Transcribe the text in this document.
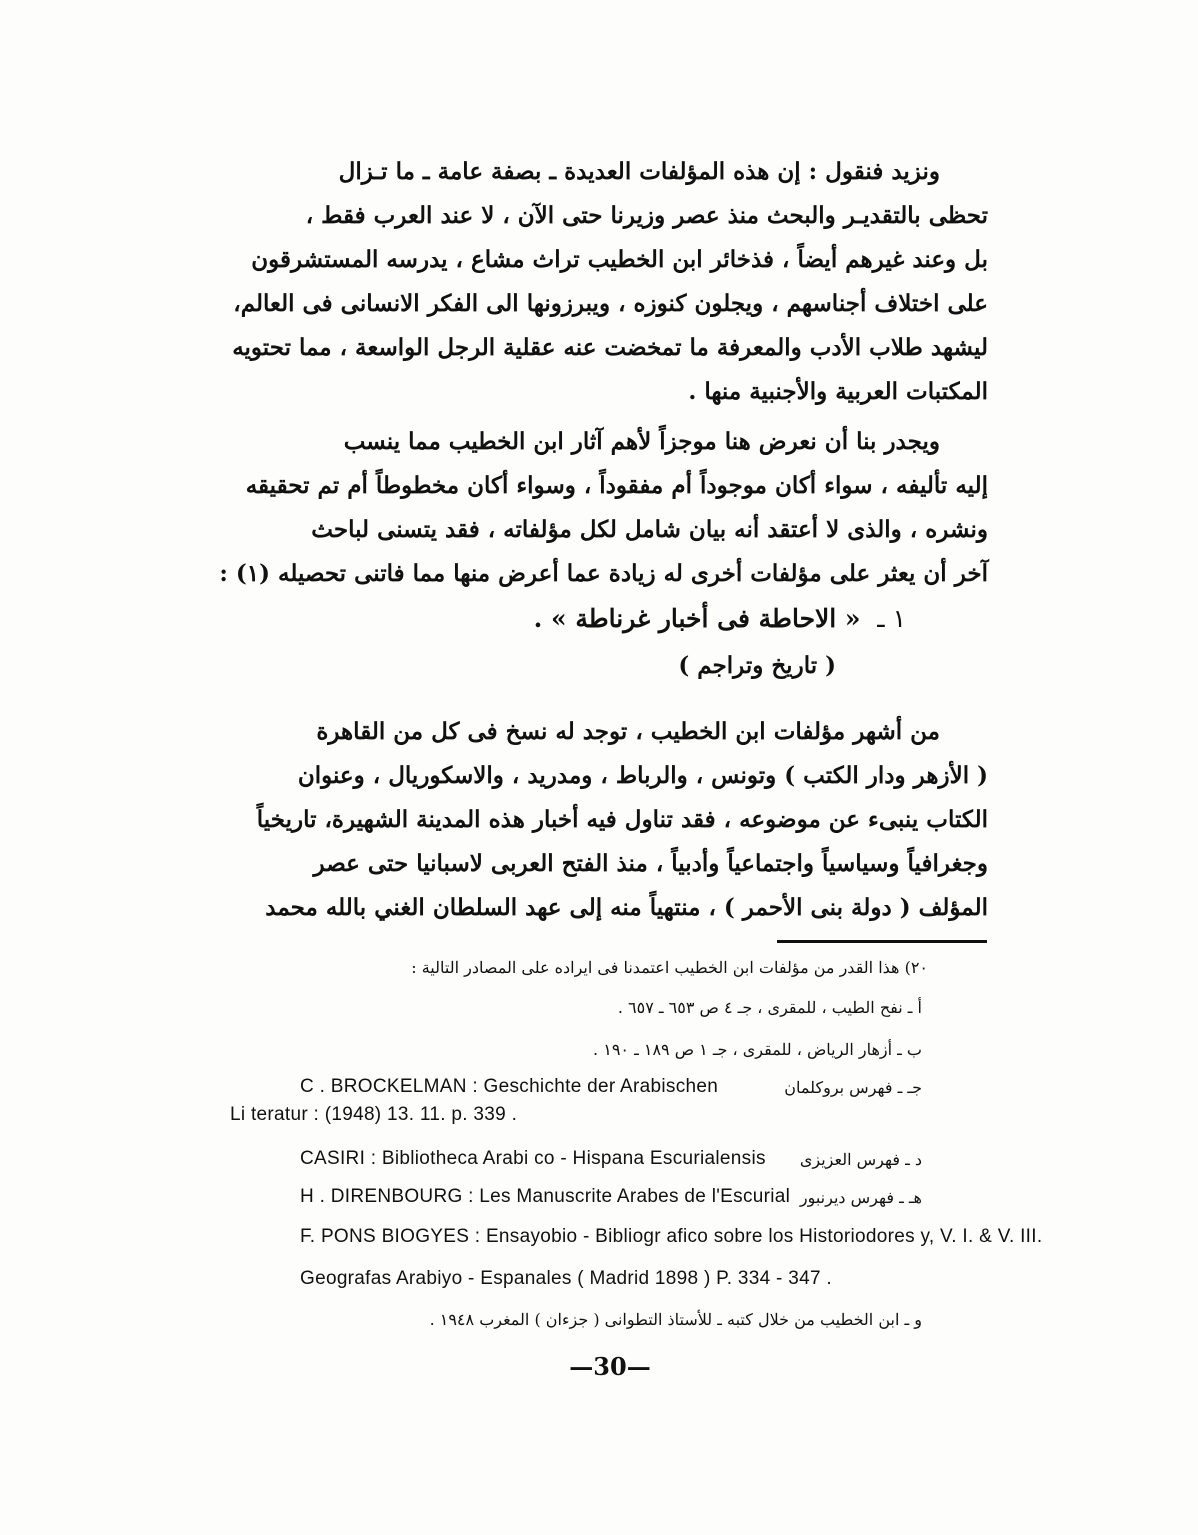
ونزيد فنقول : إن هذه المؤلفات العديدة ـ بصفة عامة ـ ما تـزال
تحظى بالتقديـر والبحث منذ عصر وزيرنا حتى الآن ، لا عند العرب فقط ،
بل وعند غيرهم أيضاً ، فذخائر ابن الخطيب تراث مشاع ، يدرسه المستشرقون
على اختلاف أجناسهم ، ويجلون كنوزه ، ويبرزونها الى الفكر الانسانى فى العالم،
ليشهد طلاب الأدب والمعرفة ما تمخضت عنه عقلية الرجل الواسعة ، مما تحتويه
المكتبات العربية والأجنبية منها .
ويجدر بنا أن نعرض هنا موجزاً لأهم آثار ابن الخطيب مما ينسب
إليه تأليفه ، سواء أكان موجوداً أم مفقوداً ، وسواء أكان مخطوطاً أم تم تحقيقه
ونشره ، والذى لا أعتقد أنه بيان شامل لكل مؤلفاته ، فقد يتسنى لباحث
آخر أن يعثر على مؤلفات أخرى له زيادة عما أعرض منها مما فاتنى تحصيله (١) :
١ ـ « الاحاطة فى أخبار غرناطة » .
( تاريخ وتراجم )
من أشهر مؤلفات ابن الخطيب ، توجد له نسخ فى كل من القاهرة
( الأزهر ودار الكتب ) وتونس ، والرباط ، ومدريد ، والاسكوريال ، وعنوان
الكتاب ينبىء عن موضوعه ، فقد تناول فيه أخبار هذه المدينة الشهيرة، تاريخياً
وجغرافياً وسياسياً واجتماعياً وأدبياً ، منذ الفتح العربى لاسبانيا حتى عصر
المؤلف ( دولة بنى الأحمر ) ، منتهياً منه إلى عهد السلطان الغني بالله محمد
٢٠) هذا القدر من مؤلفات ابن الخطيب اعتمدنا فى ايراده على المصادر التالية :
أ ـ نفح الطيب ، للمقرى ، جـ ٤ ص ٦٥٣ ـ ٦٥٧ .
ب ـ أزهار الرياض ، للمقرى ، جـ ١ ص ١٨٩ ـ ١٩٠ .
جـ ـ فهرس بروكلمان
C . BROCKELMAN : Geschichte der Arabischen
Li teratur : (1948) 13. 11. p. 339 .
د ـ فهرس العزيزى
CASIRI : Bibliotheca Arabi co - Hispana Escurialensis
هـ ـ فهرس ديرنبور
H . DIRENBOURG : Les Manuscrite Arabes de l'Escurial
F. PONS BIOGYES : Ensayobio - Bibliogr afico sobre los Historiodores y, V. I. & V. III.
Geografas Arabiyo - Espanales ( Madrid 1898 ) P. 334 - 347 .
و ـ ابن الخطيب من خلال كتبه ـ للأستاذ التطوانى ( جزءان ) المغرب ١٩٤٨ .
—30—
